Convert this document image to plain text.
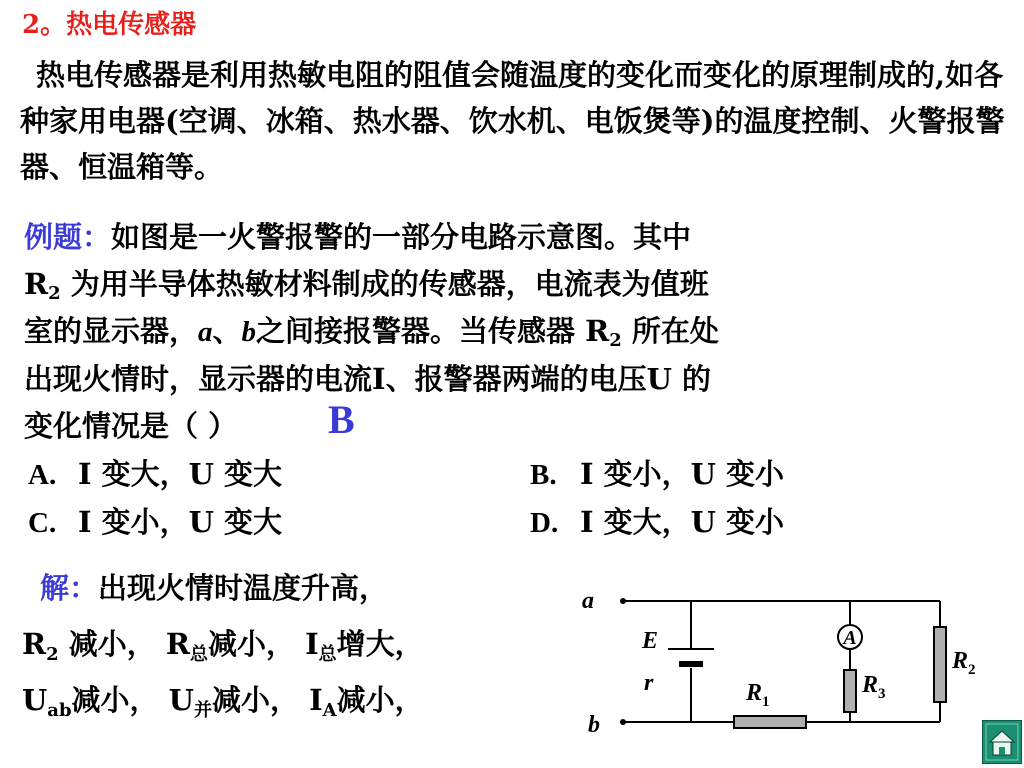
2。热电传感器
热电传感器是利用热敏电阻的阻值会随温度的变化而变化的原理制成的,如各种家用电器(空调、冰箱、热水器、饮水机、电饭煲等)的温度控制、火警报警器、恒温箱等。
例题：如图是一火警报警的一部分电路示意图。其中
$R_2$ 为用半导体热敏材料制成的传感器，电流表为值班
室的显示器，a、b之间接报警器。当传感器 $R_2$ 所在处
出现火情时，显示器的电流I、报警器两端的电压U 的
变化情况是（ ）	B
A. I 变大，U 变大	B. I 变小，U 变小
C. I 变小，U 变大	D. I 变大，U 变小
解：出现火情时温度升高，
$R_2$ 减小， $R_总$减小， $I_总$增大，
$U_{ab}$减小， $U_并$减小， $I_A$减小，
A
a
b
E
r	$R_1$
$R_3$
$R_2$
